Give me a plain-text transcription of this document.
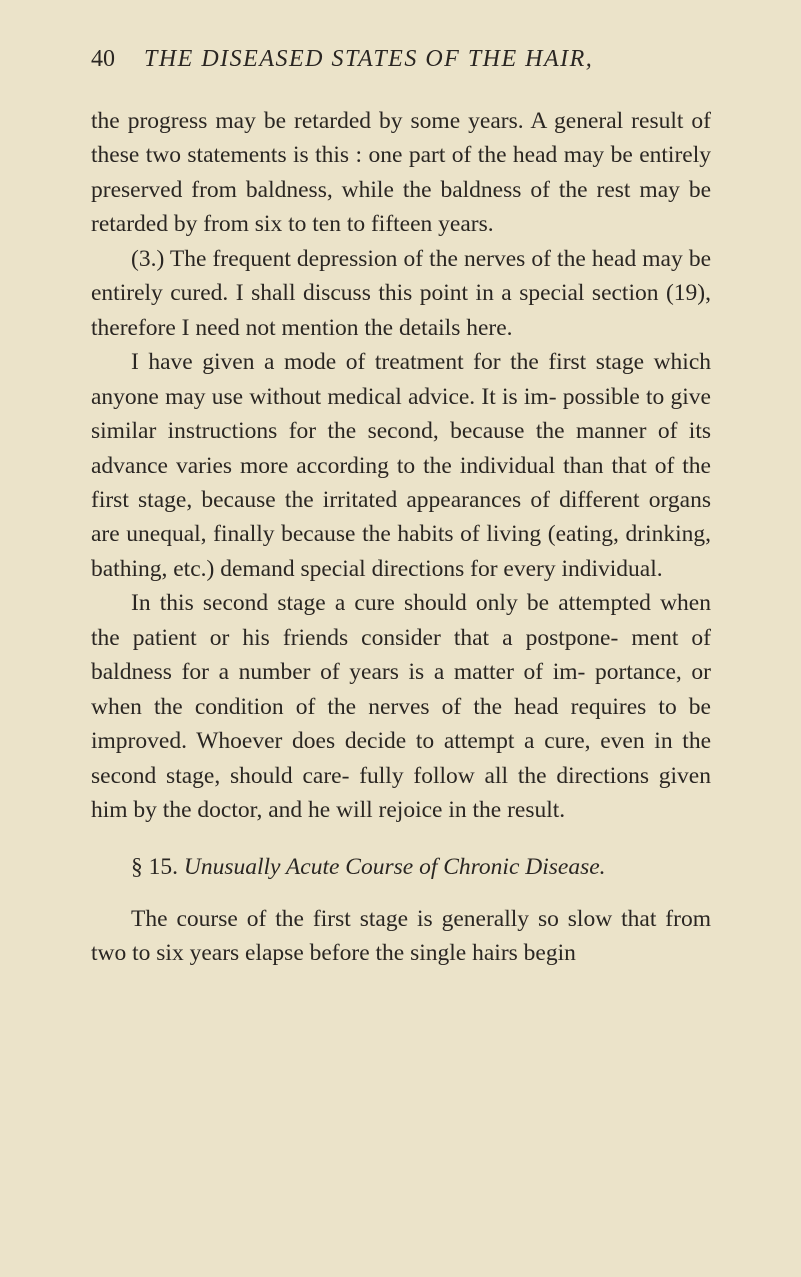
40 THE DISEASED STATES OF THE HAIR,

the progress may be retarded by some years. A general result of these two statements is this : one part of the head may be entirely preserved from baldness, while the baldness of the rest may be retarded by from six to ten to fifteen years.

(3.) The frequent depression of the nerves of the head may be entirely cured. I shall discuss this point in a special section (19), therefore I need not mention the details here.

I have given a mode of treatment for the first stage which anyone may use without medical advice. It is im- possible to give similar instructions for the second, because the manner of its advance varies more according to the individual than that of the first stage, because the irritated appearances of different organs are unequal, finally because the habits of living (eating, drinking, bathing, etc.) demand special directions for every individual.

In this second stage a cure should only be attempted when the patient or his friends consider that a postpone- ment of baldness for a number of years is a matter of im- portance, or when the condition of the nerves of the head requires to be improved. Whoever does decide to attempt a cure, even in the second stage, should care- fully follow all the directions given him by the doctor, and he will rejoice in the result.

§ 15. Unusually Acute Course of Chronic Disease.

The course of the first stage is generally so slow that from two to six years elapse before the single hairs begin
